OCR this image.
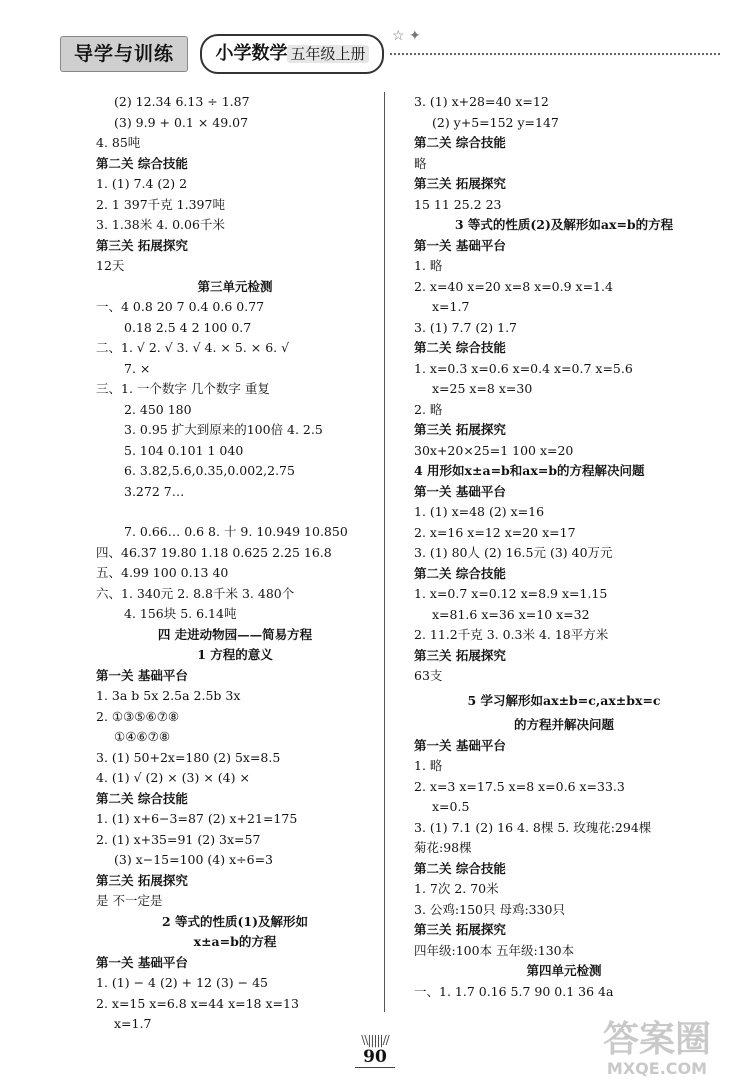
导学与训练	小学数学 五年级上册
☆ ✦
(2) 12.34 6.13 ÷ 1.87
(3) 9.9 + 0.1 × 49.07
4. 85吨
第二关 综合技能
1. (1) 7.4 (2) 2
2. 1 397千克 1.397吨
3. 1.38米 4. 0.06千米
第三关 拓展探究
12天
第三单元检测
一、4 0.8 20 7 0.4 0.6 0.77
0.18 2.5 4 2 100 0.7
二、1. √ 2. √ 3. √ 4. × 5. × 6. √
7. ×
三、1. 一个数字 几个数字 重复
2. 450 180
3. 0.95 扩大到原来的100倍 4. 2.5
5. 104 0.101 1 040
6. 3.82,5.6,0.35,0.002,2.75
3.272 7…
7. 0.66… 0.6 8. 十 9. 10.949 10.850
四、46.37 19.80 1.18 0.625 2.25 16.8
五、4.99 100 0.13 40
六、1. 340元 2. 8.8千米 3. 480个
4. 156块 5. 6.14吨
四 走进动物园——简易方程
1 方程的意义
第一关 基础平台
1. 3a b 5x 2.5a 2.5b 3x
2. ①③⑤⑥⑦⑧
①④⑥⑦⑧
3. (1) 50+2x=180 (2) 5x=8.5
4. (1) √ (2) × (3) × (4) ×
第二关 综合技能
1. (1) x+6−3=87 (2) x+21=175
2. (1) x+35=91 (2) 3x=57
(3) x−15=100 (4) x÷6=3
第三关 拓展探究
是 不一定是
2 等式的性质(1)及解形如
x±a=b的方程
第一关 基础平台
1. (1) − 4 (2) + 12 (3) − 45
2. x=15 x=6.8 x=44 x=18 x=13
x=1.7
3. (1) x+28=40 x=12
(2) y+5=152 y=147
第二关 综合技能
略
第三关 拓展探究
15 11 25.2 23
3 等式的性质(2)及解形如ax=b的方程
第一关 基础平台
1. 略
2. x=40 x=20 x=8 x=0.9 x=1.4
x=1.7
3. (1) 7.7 (2) 1.7
第二关 综合技能
1. x=0.3 x=0.6 x=0.4 x=0.7 x=5.6
x=25 x=8 x=30
2. 略
第三关 拓展探究
30x+20×25=1 100 x=20
4 用形如x±a=b和ax=b的方程解决问题
第一关 基础平台
1. (1) x=48 (2) x=16
2. x=16 x=12 x=20 x=17
3. (1) 80人 (2) 16.5元 (3) 40万元
第二关 综合技能
1. x=0.7 x=0.12 x=8.9 x=1.15
x=81.6 x=36 x=10 x=32
2. 11.2千克 3. 0.3米 4. 18平方米
第三关 拓展探究
63支
5 学习解形如ax±b=c,ax±bx=c
的方程并解决问题
第一关 基础平台
1. 略
2. x=3 x=17.5 x=8 x=0.6 x=33.3
x=0.5
3. (1) 7.1 (2) 16 4. 8棵 5. 玫瑰花:294棵
菊花:98棵
第二关 综合技能
1. 7次 2. 70米
3. 公鸡:150只 母鸡:330只
第三关 拓展探究
四年级:100本 五年级:130本
第四单元检测
一、1. 1.7 0.16 5.7 90 0.1 36 4a
\\|||||//
90	答案圈
MXQE.COM
